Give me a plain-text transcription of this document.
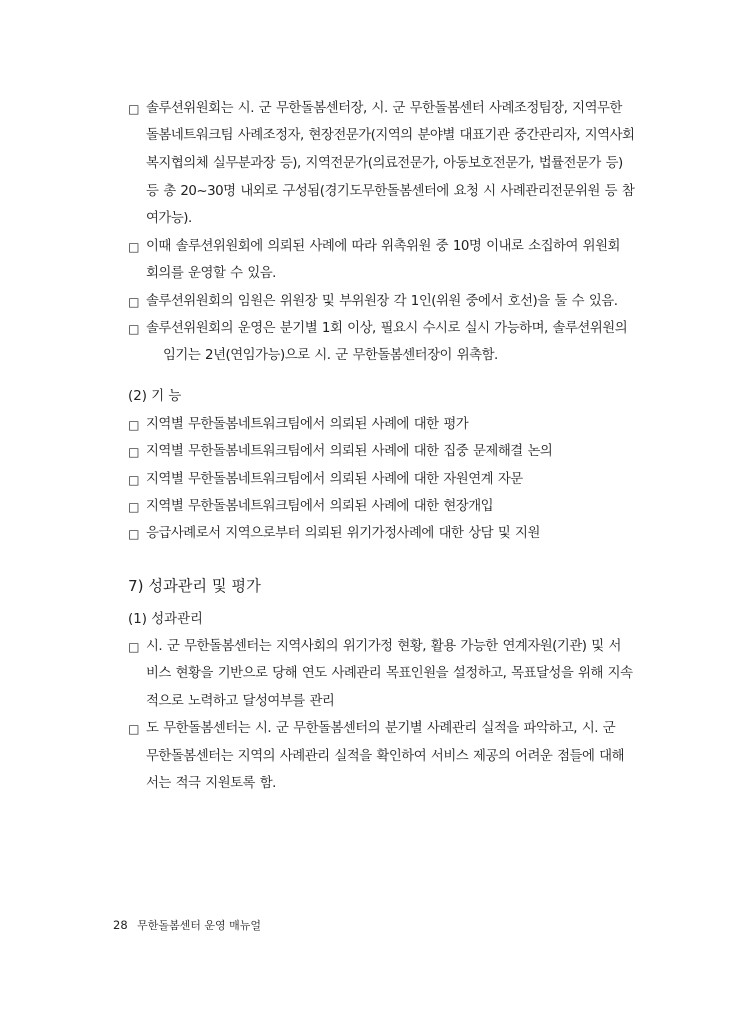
□ 솔루션위원회는 시. 군 무한돌봄센터장, 시. 군 무한돌봄센터 사례조정팀장, 지역무한
돌봄네트워크팀 사례조정자, 현장전문가(지역의 분야별 대표기관 중간관리자, 지역사회
복지협의체 실무분과장 등), 지역전문가(의료전문가, 아동보호전문가, 법률전문가 등)
등 총 20~30명 내외로 구성됨(경기도무한돌봄센터에 요청 시 사례관리전문위원 등 참
여가능).
□ 이때 솔루션위원회에 의뢰된 사례에 따라 위촉위원 중 10명 이내로 소집하여 위원회
회의를 운영할 수 있음.
□ 솔루션위원회의 임원은 위원장 및 부위원장 각 1인(위원 중에서 호선)을 둘 수 있음.
□ 솔루션위원회의 운영은 분기별 1회 이상, 필요시 수시로 실시 가능하며, 솔루션위원의
임기는 2년(연임가능)으로 시. 군 무한돌봄센터장이 위촉함.
(2) 기 능
□ 지역별 무한돌봄네트워크팀에서 의뢰된 사례에 대한 평가
□ 지역별 무한돌봄네트워크팀에서 의뢰된 사례에 대한 집중 문제해결 논의
□ 지역별 무한돌봄네트워크팀에서 의뢰된 사례에 대한 자원연계 자문
□ 지역별 무한돌봄네트워크팀에서 의뢰된 사례에 대한 현장개입
□ 응급사례로서 지역으로부터 의뢰된 위기가정사례에 대한 상담 및 지원
7) 성과관리 및 평가
(1) 성과관리
□ 시. 군 무한돌봄센터는 지역사회의 위기가정 현황, 활용 가능한 연계자원(기관) 및 서
비스 현황을 기반으로 당해 연도 사례관리 목표인원을 설정하고, 목표달성을 위해 지속
적으로 노력하고 달성여부를 관리
□ 도 무한돌봄센터는 시. 군 무한돌봄센터의 분기별 사례관리 실적을 파악하고, 시. 군
무한돌봄센터는 지역의 사례관리 실적을 확인하여 서비스 제공의 어려운 점들에 대해
서는 적극 지원토록 함.
28 무한돌봄센터 운영 매뉴얼
